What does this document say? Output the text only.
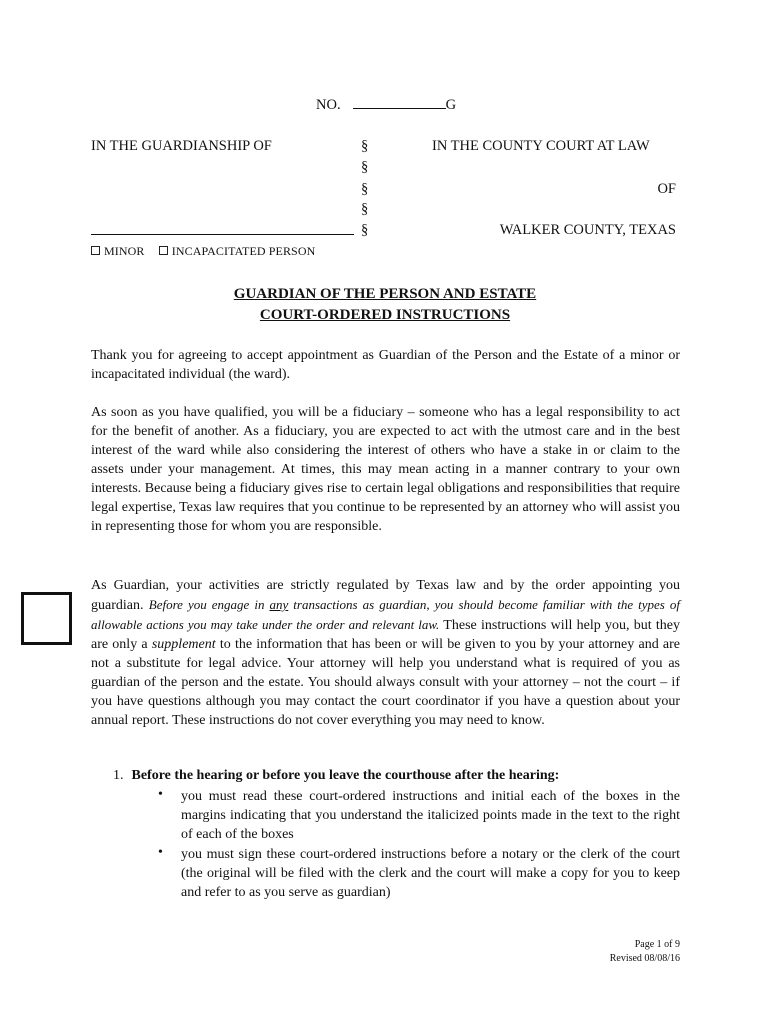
NO.	G
IN THE GUARDIANSHIP OF	§
§
§
§
§
IN THE COUNTY COURT AT LAW
OF
WALKER COUNTY, TEXAS
MINOR INCAPACITATED PERSON
GUARDIAN OF THE PERSON AND ESTATE
COURT-ORDERED INSTRUCTIONS
Thank you for agreeing to accept appointment as Guardian of the Person and the Estate of a minor or incapacitated individual (the ward).
As soon as you have qualified, you will be a fiduciary – someone who has a legal responsibility to act for the benefit of another. As a fiduciary, you are expected to act with the utmost care and in the best interest of the ward while also considering the interest of others who have a stake in or claim to the assets under your management. At times, this may mean acting in a manner contrary to your own interests. Because being a fiduciary gives rise to certain legal obligations and responsibilities that require legal expertise, Texas law requires that you continue to be represented by an attorney who will assist you in representing those for whom you are responsible.
As Guardian, your activities are strictly regulated by Texas law and by the order appointing you guardian. Before you engage in any transactions as guardian, you should become familiar with the types of allowable actions you may take under the order and relevant law. These instructions will help you, but they are only a supplement to the information that has been or will be given to you by your attorney and are not a substitute for legal advice. Your attorney will help you understand what is required of you as guardian of the person and the estate. You should always consult with your attorney – not the court – if you have questions although you may contact the court coordinator if you have a question about your annual report. These instructions do not cover everything you may need to know.
1. Before the hearing or before you leave the courthouse after the hearing:
• you must read these court-ordered instructions and initial each of the boxes in the margins indicating that you understand the italicized points made in the text to the right of each of the boxes
• you must sign these court-ordered instructions before a notary or the clerk of the court (the original will be filed with the clerk and the court will make a copy for you to keep and refer to as you serve as guardian)
Page 1 of 9
Revised 08/08/16
